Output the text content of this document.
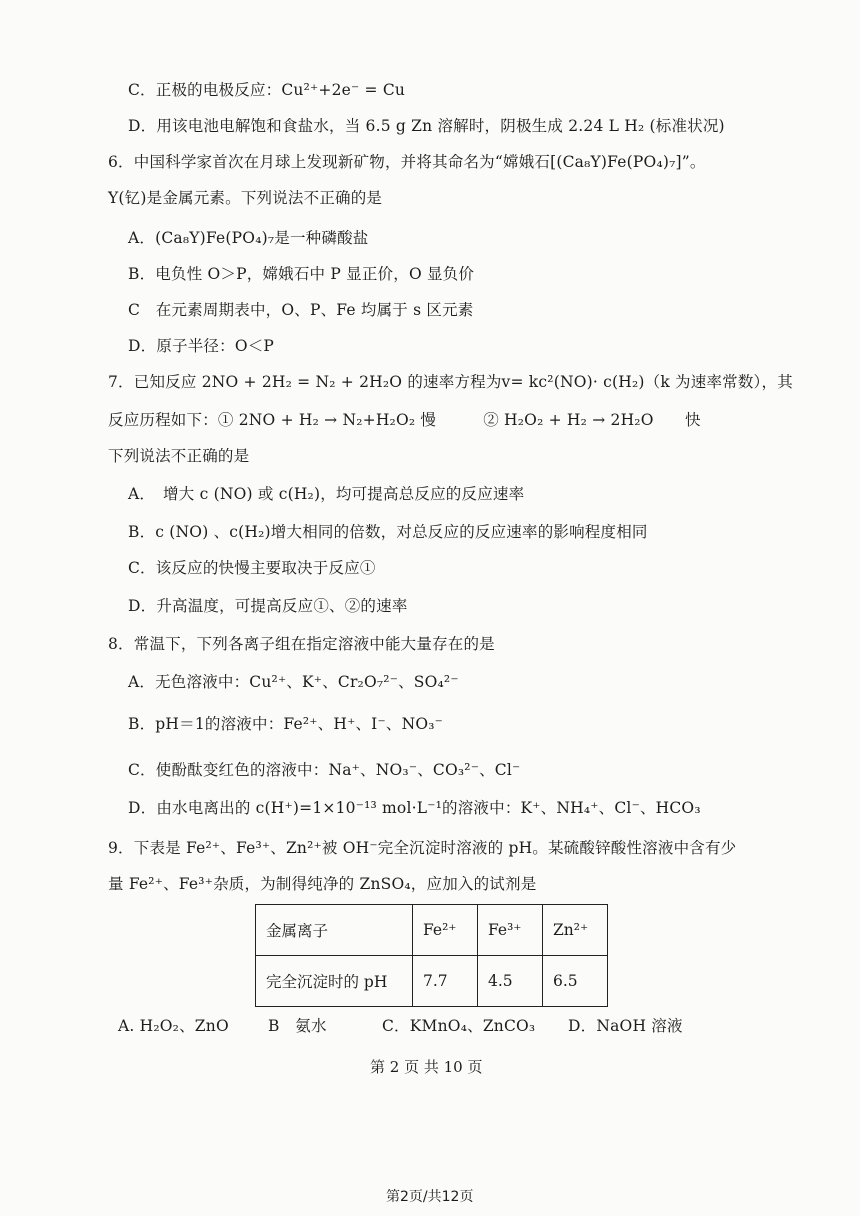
C．正极的电极反应：Cu²⁺+2e⁻ = Cu
D．用该电池电解饱和食盐水，当 6.5 g Zn 溶解时，阴极生成 2.24 L H₂ (标准状况)
6．中国科学家首次在月球上发现新矿物，并将其命名为“嫦娥石[(Ca₈Y)Fe(PO₄)₇]”。
Y(钇)是金属元素。下列说法不正确的是
A．(Ca₈Y)Fe(PO₄)₇是一种磷酸盐
B．电负性 O＞P，嫦娥石中 P 显正价，O 显负价
C　在元素周期表中，O、P、Fe 均属于 s 区元素
D．原子半径：O＜P
7．已知反应 2NO + 2H₂ = N₂ + 2H₂O 的速率方程为v= kc²(NO)· c(H₂)（k 为速率常数），其
反应历程如下：① 2NO + H₂ → N₂+H₂O₂ 慢　　　② H₂O₂ + H₂ → 2H₂O　　快
下列说法不正确的是
A．　增大 c (NO) 或 c(H₂)，均可提高总反应的反应速率
B．c (NO) 、c(H₂)增大相同的倍数，对总反应的反应速率的影响程度相同
C．该反应的快慢主要取决于反应①
D．升高温度，可提高反应①、②的速率
8．常温下，下列各离子组在指定溶液中能大量存在的是
A．无色溶液中：Cu²⁺、K⁺、Cr₂O₇²⁻、SO₄²⁻
B．pH＝1的溶液中：Fe²⁺、H⁺、I⁻、NO₃⁻
C．使酚酞变红色的溶液中：Na⁺、NO₃⁻、CO₃²⁻、Cl⁻
D．由水电离出的 c(H⁺)=1×10⁻¹³ mol·L⁻¹的溶液中：K⁺、NH₄⁺、Cl⁻、HCO₃
9．下表是 Fe²⁺、Fe³⁺、Zn²⁺被 OH⁻完全沉淀时溶液的 pH。某硫酸锌酸性溶液中含有少
量 Fe²⁺、Fe³⁺杂质，为制得纯净的 ZnSO₄，应加入的试剂是
金属离子	Fe²⁺	Fe³⁺	Zn²⁺
完全沉淀时的 pH	7.7	4.5	6.5
A. H₂O₂、ZnO	B　氨水	C．KMnO₄、ZnCO₃ D．NaOH 溶液
第 2 页 共 10 页
第2页/共12页
